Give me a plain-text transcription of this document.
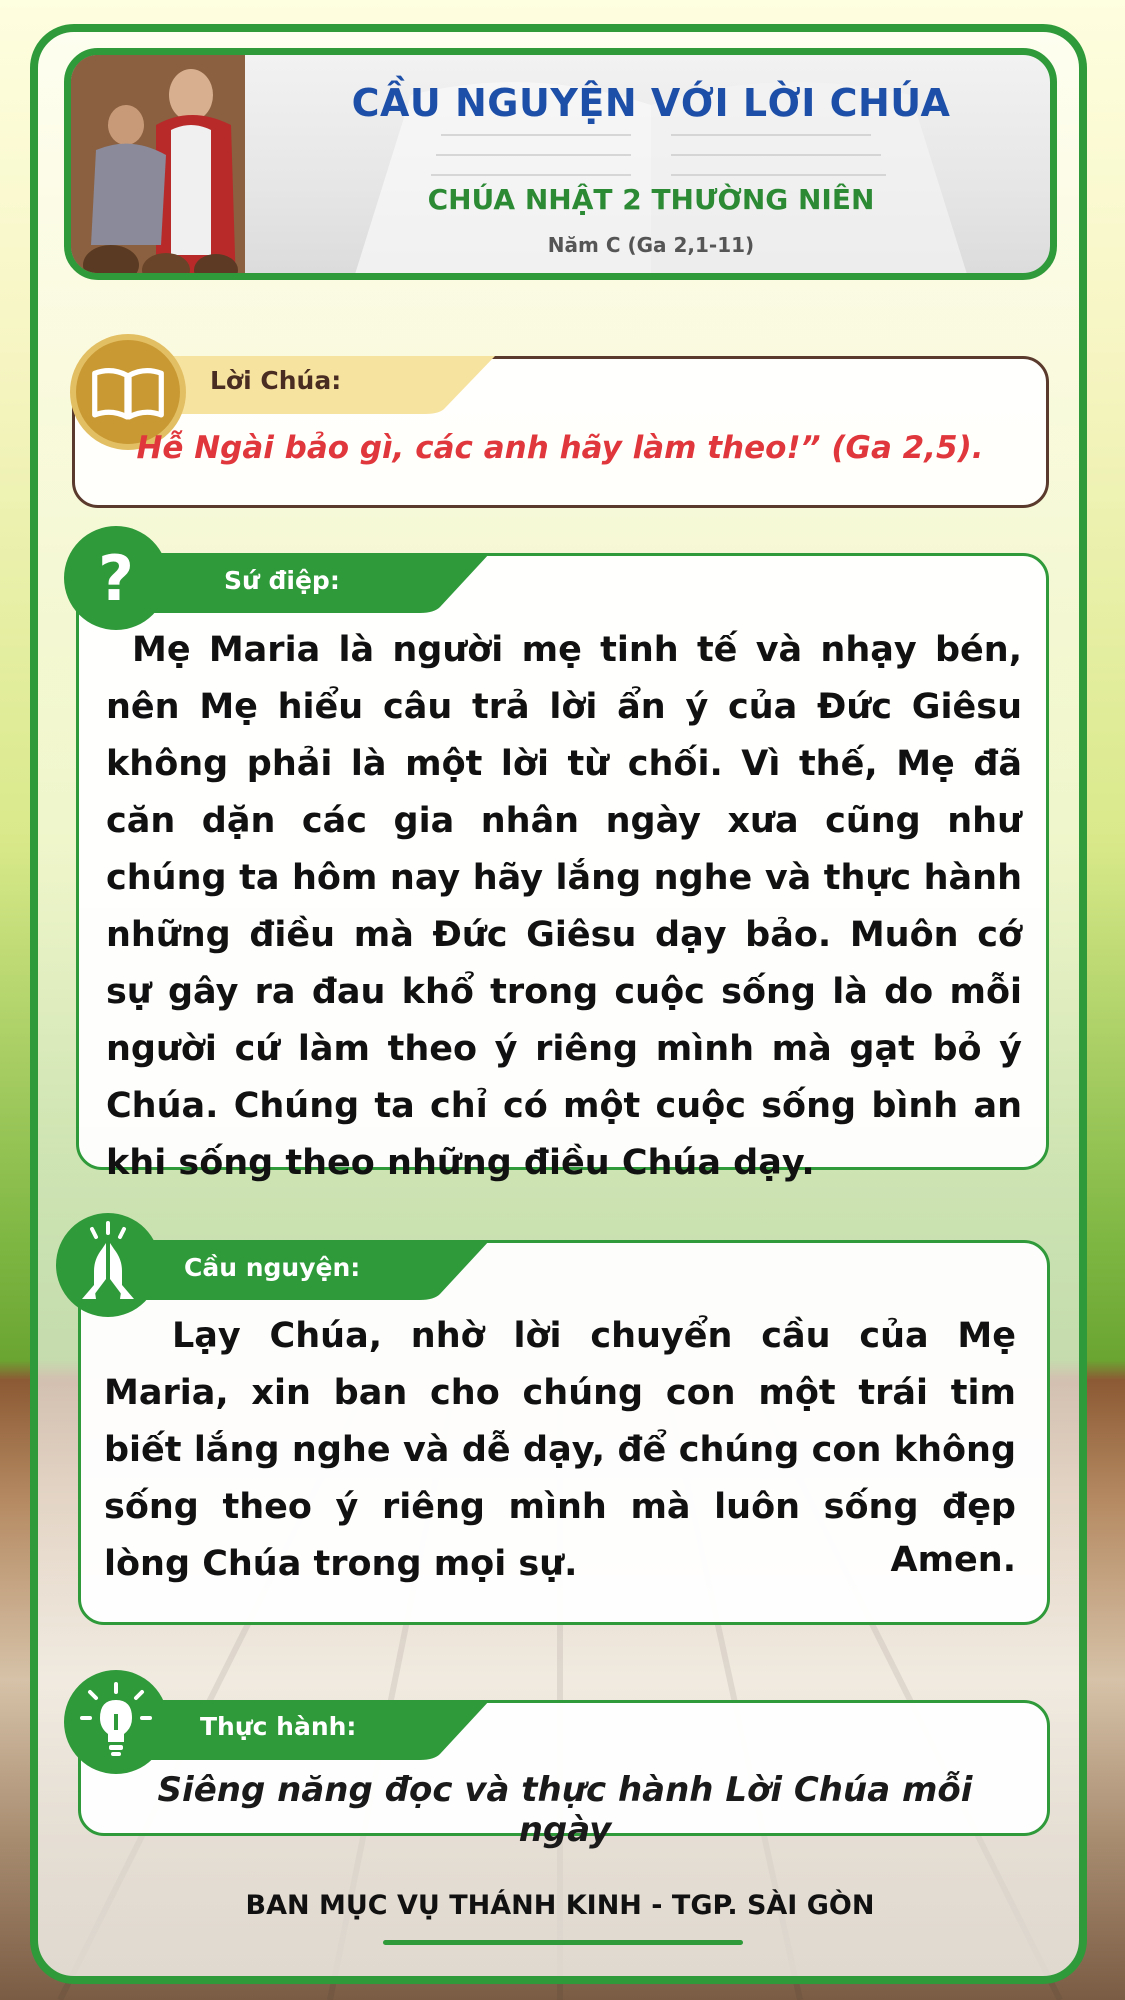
CẦU NGUYỆN VỚI LỜI CHÚA
CHÚA NHẬT 2 THƯỜNG NIÊN
Năm C (Ga 2,1-11)
Lời Chúa:
Hễ Ngài bảo gì, các anh hãy làm theo!” (Ga 2,5).
?	Sứ điệp:

Mẹ Maria là người mẹ tinh tế và nhạy bén, nên Mẹ hiểu câu trả lời ẩn ý của Đức Giêsu không phải là một lời từ chối. Vì thế, Mẹ đã căn dặn các gia nhân ngày xưa cũng như chúng ta hôm nay hãy lắng nghe và thực hành những điều mà Đức Giêsu dạy bảo. Muôn cớ sự gây ra đau khổ trong cuộc sống là do mỗi người cứ làm theo ý riêng mình mà gạt bỏ ý Chúa. Chúng ta chỉ có một cuộc sống bình an khi sống theo những điều Chúa dạy.

Cầu nguyện:

Lạy Chúa, nhờ lời chuyển cầu của Mẹ Maria, xin ban cho chúng con một trái tim biết lắng nghe và dễ dạy, để chúng con không sống theo ý riêng mình mà luôn sống đẹp lòng Chúa trong mọi sự.	Amen.
Thực hành:
Siêng năng đọc và thực hành Lời Chúa mỗi ngày
BAN MỤC VỤ THÁNH KINH - TGP. SÀI GÒN
